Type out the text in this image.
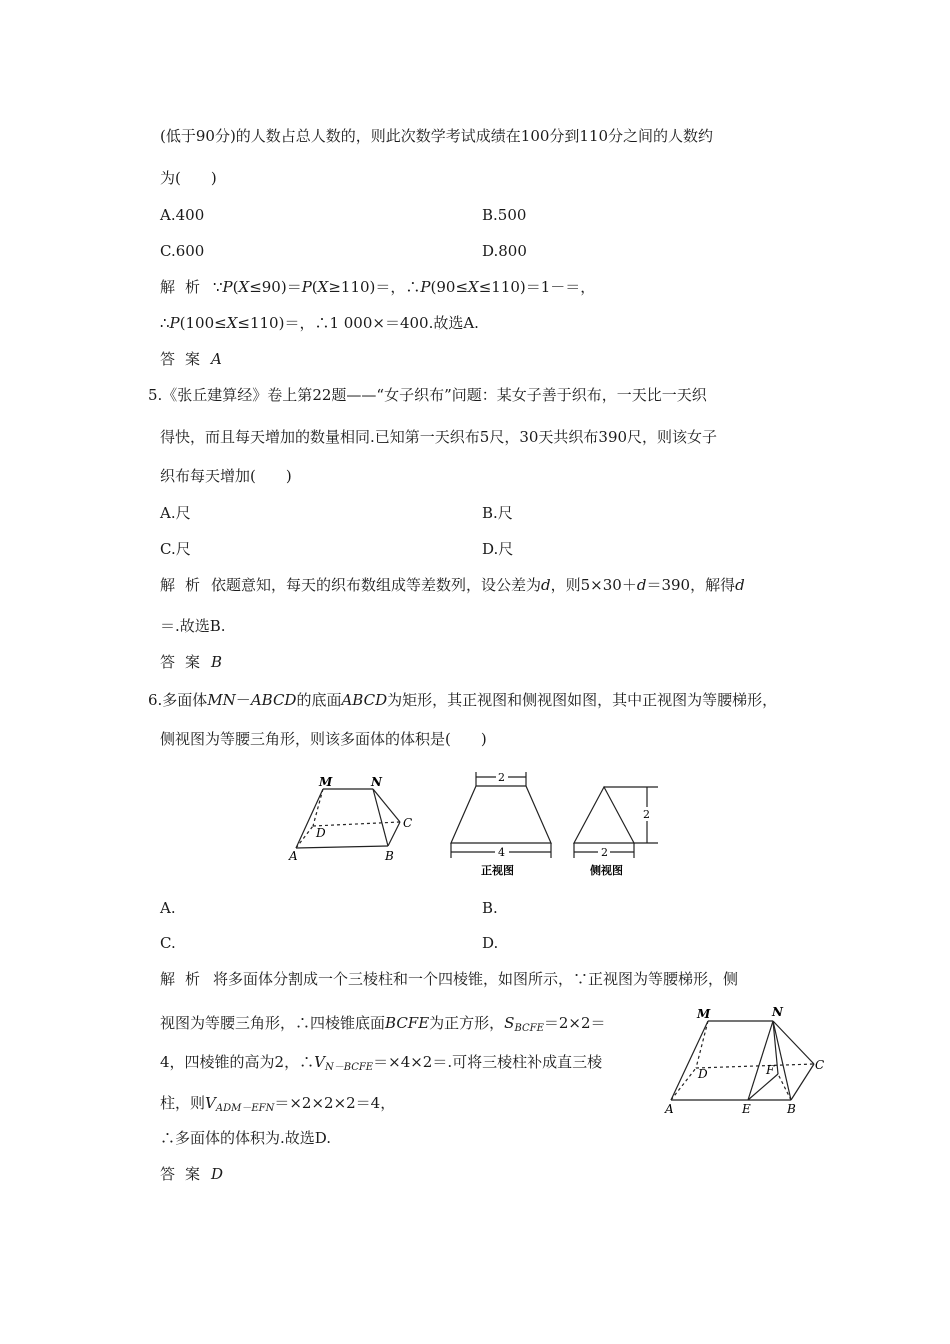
(低于90分)的人数占总人数的，则此次数学考试成绩在100分到110分之间的人数约
为(　　)
A.400	B.500
C.600	D.800
解析 ∵P(X≤90)＝P(X≥110)＝，∴P(90≤X≤110)＝1－＝，
∴P(100≤X≤110)＝，∴1 000×＝400.故选A.
答案 A
5.《张丘建算经》卷上第22题——“女子织布”问题：某女子善于织布，一天比一天织
得快，而且每天增加的数量相同.已知第一天织布5尺，30天共织布390尺，则该女子
织布每天增加(　　)
A.尺	B.尺
C.尺	D.尺
解析 依题意知，每天的织布数组成等差数列，设公差为d，则5×30＋d＝390，解得d
＝.故选B.
答案 B
6.多面体MN－ABCD的底面ABCD为矩形，其正视图和侧视图如图，其中正视图为等腰梯形，
侧视图为等腰三角形，则该多面体的体积是(　　)
M	N
D
C
A	B
2
4
正视图
2
2
侧视图
A.	B.
C.	D.
解析 将多面体分割成一个三棱柱和一个四棱锥，如图所示，∵正视图为等腰梯形，侧
视图为等腰三角形，∴四棱锥底面BCFE为正方形，$S_{BCFE}=2\times 2=$
4，四棱锥的高为2，$\therefore V_{N-BCFE}=\times 4\times 2=$.可将三棱柱补成直三棱
柱，则$V_{ADM-EFN}=\times 2\times 2\times 2=4$，
∴多面体的体积为.故选D.
答案 D
M	N
D	F	C
A	E	B
